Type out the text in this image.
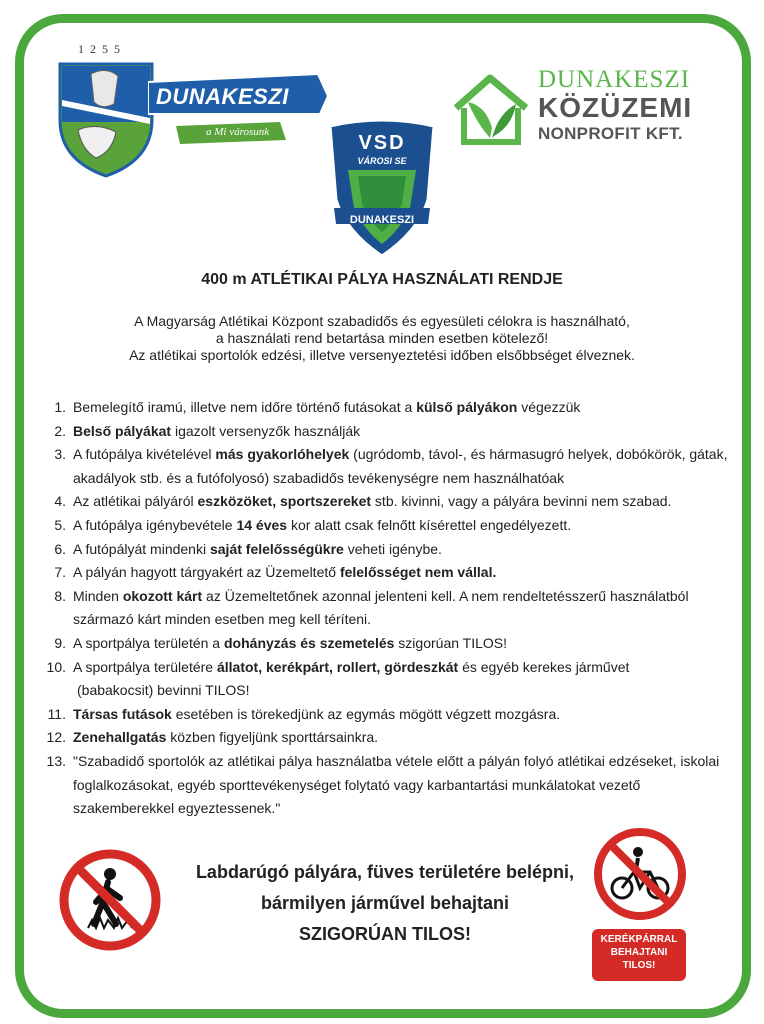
1255
DUNAKESZI
a Mi városunk	VSD
VÁROSI SE
DUNAKESZI
DUNAKESZI
KÖZÜZEMI
NONPROFIT KFT.
400 m ATLÉTIKAI PÁLYA HASZNÁLATI RENDJE
A Magyarság Atlétikai Központ szabadidős és egyesületi célokra is használható,
a használati rend betartása minden esetben kötelező!
Az atlétikai sportolók edzési, illetve versenyeztetési időben elsőbbséget élveznek.
1. Bemelegítő iramú, illetve nem időre történő futásokat a külső pályákon végezzük
2. Belső pályákat igazolt versenyzők használják
3. A futópálya kivételével más gyakorlóhelyek (ugródomb, távol-, és hármasugró helyek, dobókörök, gátak, akadályok stb. és a futófolyosó) szabadidős tevékenységre nem használhatóak
4. Az atlétikai pályáról eszközöket, sportszereket stb. kivinni, vagy a pályára bevinni nem szabad.
5. A futópálya igénybevétele 14 éves kor alatt csak felnőtt kísérettel engedélyezett.
6. A futópályát mindenki saját felelősségükre veheti igénybe.
7. A pályán hagyott tárgyakért az Üzemeltető felelősséget nem vállal.
8. Minden okozott kárt az Üzemeltetőnek azonnal jelenteni kell. A nem rendeltetésszerű használatból származó kárt minden esetben meg kell téríteni.
9. A sportpálya területén a dohányzás és szemetelés szigorúan TILOS!
10. A sportpálya területére állatot, kerékpárt, rollert, gördeszkát és egyéb kerekes járművet
(babakocsit) bevinni TILOS!
11. Társas futások esetében is törekedjünk az egymás mögött végzett mozgásra.
12. Zenehallgatás közben figyeljünk sporttársainkra.
13. "Szabadidő sportolók az atlétikai pálya használatba vétele előtt a pályán folyó atlétikai edzéseket, iskolai foglalkozásokat, egyéb sporttevékenységet folytató vagy karbantartási munkálatokat vezető szakemberekkel egyeztessenek."
Labdarúgó pályára, füves területére belépni,
bármilyen járművel behajtani
SZIGORÚAN TILOS!	KERÉKPÁRRAL
BEHAJTANI
TILOS!
